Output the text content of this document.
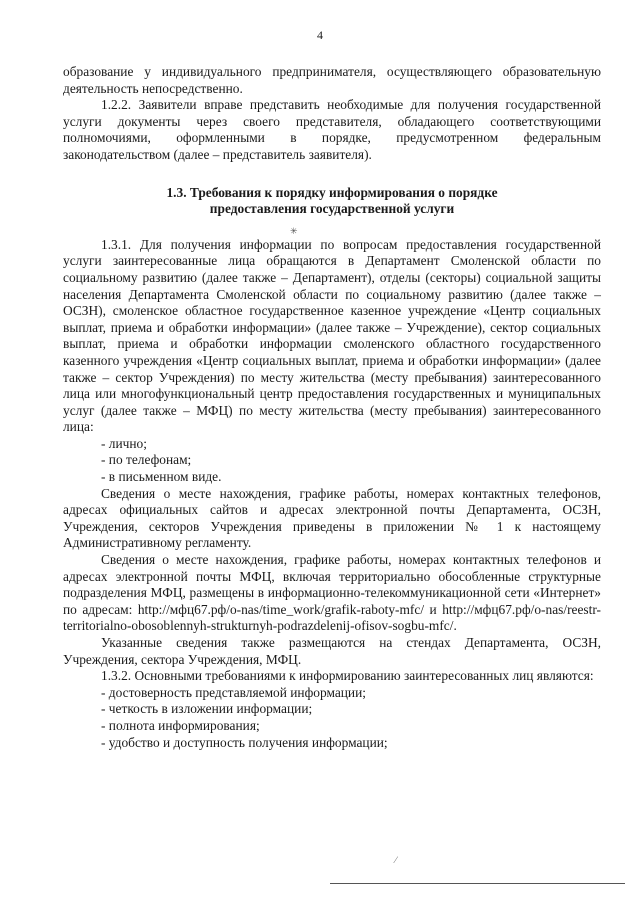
4

образование у индивидуального предпринимателя, осуществляющего образовательную деятельность непосредственно.

1.2.2. Заявители вправе представить необходимые для получения государственной услуги документы через своего представителя, обладающего соответствующими полномочиями, оформленными в порядке, предусмотренном федеральным законодательством (далее – представитель заявителя).

1.3. Требования к порядку информирования о порядке
предоставления государственной услуги

1.3.1. Для получения информации по вопросам предоставления государственной услуги заинтересованные лица обращаются в Департамент Смоленской области по социальному развитию (далее также – Департамент), отделы (секторы) социальной защиты населения Департамента Смоленской области по социальному развитию (далее также – ОСЗН), смоленское областное государственное казенное учреждение «Центр социальных выплат, приема и обработки информации» (далее также – Учреждение), сектор социальных выплат, приема и обработки информации смоленского областного государственного казенного учреждения «Центр социальных выплат, приема и обработки информации» (далее также – сектор Учреждения) по месту жительства (месту пребывания) заинтересованного лица или многофункциональный центр предоставления государственных и муниципальных услуг (далее также – МФЦ) по месту жительства (месту пребывания) заинтересованного лица:

- лично;

- по телефонам;

- в письменном виде.

Сведения о месте нахождения, графике работы, номерах контактных телефонов, адресах официальных сайтов и адресах электронной почты Департамента, ОСЗН, Учреждения, секторов Учреждения приведены в приложении № 1 к настоящему Административному регламенту.

Сведения о месте нахождения, графике работы, номерах контактных телефонов и адресах электронной почты МФЦ, включая территориально обособленные структурные подразделения МФЦ, размещены в информационно-телекоммуникационной сети «Интернет» по адресам: http://мфц67.рф/o-nas/time_work/grafik-raboty-mfc/ и http://мфц67.рф/o-nas/reestr-territorialno-obosoblennyh-strukturnyh-podrazdelenij-ofisov-sogbu-mfc/.

Указанные сведения также размещаются на стендах Департамента, ОСЗН, Учреждения, сектора Учреждения, МФЦ.

1.3.2. Основными требованиями к информированию заинтересованных лиц являются:

- достоверность представляемой информации;

- четкость в изложении информации;

- полнота информирования;

- удобство и доступность получения информации;

✳
⁄
